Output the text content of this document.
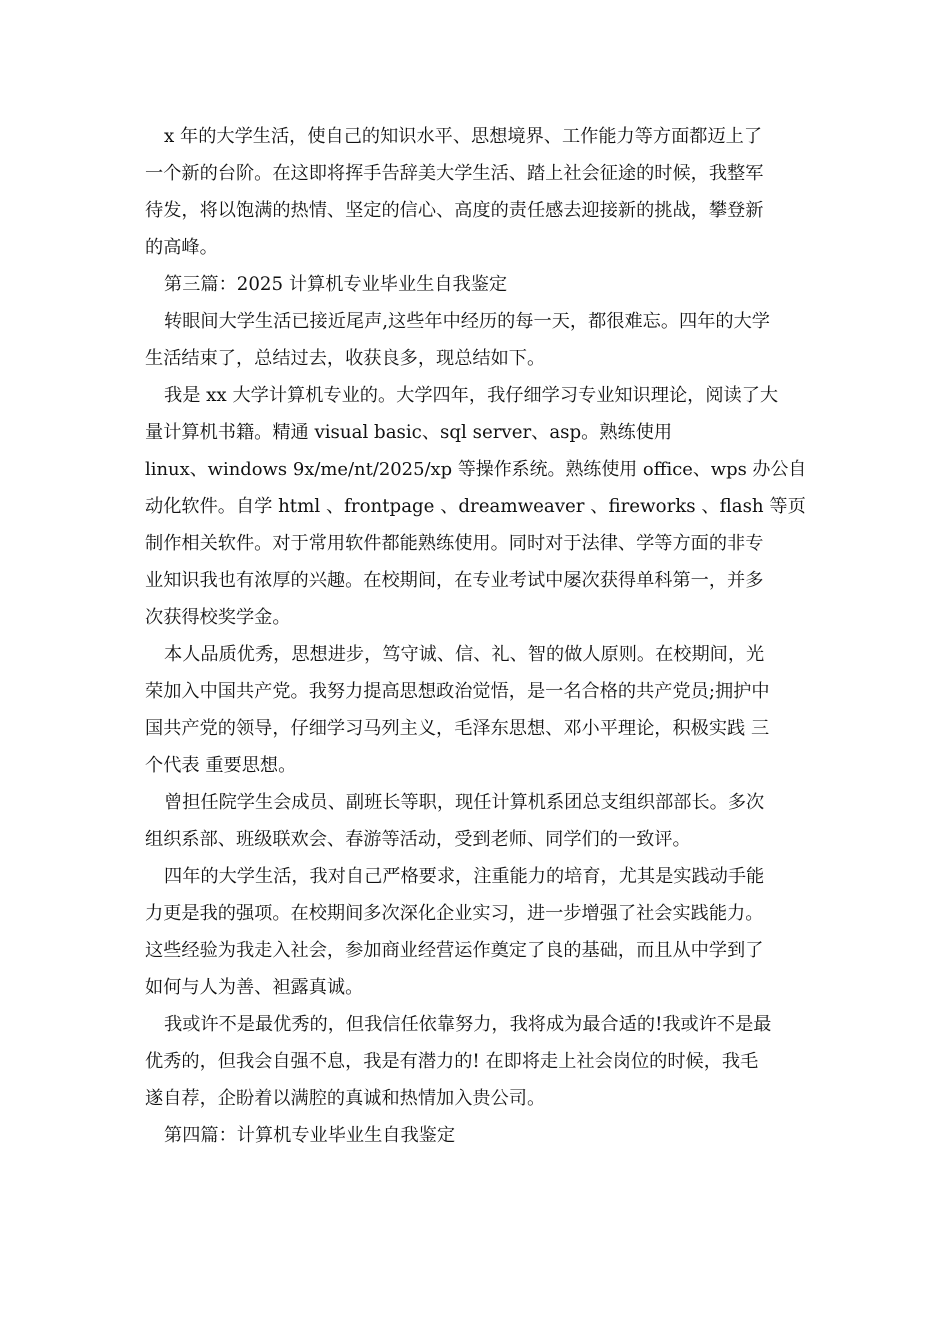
x 年的大学生活，使自己的知识水平、思想境界、工作能力等方面都迈上了
一个新的台阶。在这即将挥手告辞美大学生活、踏上社会征途的时候，我整军
待发，将以饱满的热情、坚定的信心、高度的责任感去迎接新的挑战，攀登新
的高峰。
第三篇：2025 计算机专业毕业生自我鉴定
转眼间大学生活已接近尾声,这些年中经历的每一天，都很难忘。四年的大学
生活结束了，总结过去，收获良多，现总结如下。
我是 xx 大学计算机专业的。大学四年，我仔细学习专业知识理论，阅读了大
量计算机书籍。精通 visual basic、sql server、asp。熟练使用
linux、windows 9x/me/nt/2025/xp 等操作系统。熟练使用 office、wps 办公自
动化软件。自学 html 、frontpage 、dreamweaver 、fireworks 、flash 等页
制作相关软件。对于常用软件都能熟练使用。同时对于法律、学等方面的非专
业知识我也有浓厚的兴趣。在校期间，在专业考试中屡次获得单科第一，并多
次获得校奖学金。
本人品质优秀，思想进步，笃守诚、信、礼、智的做人原则。在校期间，光
荣加入中国共产党。我努力提高思想政治觉悟，是一名合格的共产党员;拥护中
国共产党的领导，仔细学习马列主义，毛泽东思想、邓小平理论，积极实践 三
个代表 重要思想。
曾担任院学生会成员、副班长等职，现任计算机系团总支组织部部长。多次
组织系部、班级联欢会、春游等活动，受到老师、同学们的一致评。
四年的大学生活，我对自己严格要求，注重能力的培育，尤其是实践动手能
力更是我的强项。在校期间多次深化企业实习，进一步增强了社会实践能力。
这些经验为我走入社会，参加商业经营运作奠定了良的基础，而且从中学到了
如何与人为善、袒露真诚。
我或许不是最优秀的，但我信任依靠努力，我将成为最合适的!我或许不是最
优秀的，但我会自强不息，我是有潜力的! 在即将走上社会岗位的时候，我毛
遂自荐，企盼着以满腔的真诚和热情加入贵公司。
第四篇：计算机专业毕业生自我鉴定
